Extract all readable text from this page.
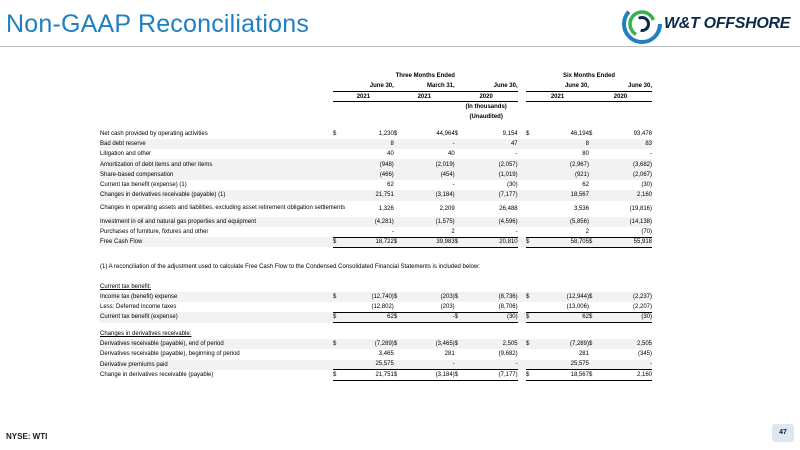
Non-GAAP Reconciliations	W&T OFFSHORE
	Three Months Ended							Six Months Ended			
	June 30,		March 31,		June 30,			June 30,		June 30,	
	2021		2021		2020			2021		2020	
					(In thousands)						
					(Unaudited)						

Net cash provided by operating activities	$	1,230	$	44,964	$	9,154		$	46,194	$	93,478
Bad debt reserve		8		-		47			8		83
Litigation and other		40		40		-			80		-
Amortization of debt items and other items		(948)		(2,019)		(2,057)			(2,967)		(3,682)
Share-based compensation		(466)		(454)		(1,019)			(921)		(2,067)
Current tax benefit (expense) (1)		62		-		(30)			62		(30)
Changes in derivatives receivable (payable) (1)		21,751		(3,184)		(7,177)			18,567		2,160
Changes in operating assets and liabilities, excluding asset retirement obligation settlements		1,326		2,209		26,488			3,536		(19,816)
Investment in oil and natural gas properties and equipment		(4,281)		(1,575)		(4,596)			(5,856)		(14,138)
Purchases of furniture, fixtures and other		-		2		-			2		(70)
Free Cash Flow	$	18,722	$	39,983	$	20,810		$	58,705	$	55,918

(1) A reconciliation of the adjustment used to calculate Free Cash Flow to the Condensed Consolidated Financial Statements is included below:											

Current tax benefit:											
Income tax (benefit) expense	$	(12,740)	$	(203)	$	(8,736)		$	(12,944)	$	(2,237)
Less: Deferred income taxes		(12,802)		(203)		(8,706)			(13,006)		(2,207)
Current tax benefit (expense)	$	62	$	-	$	(30)		$	62	$	(30)

Changes in derivatives receivable:											
Derivatives receivable (payable), end of period	$	(7,289)	$	(3,465)	$	2,505		$	(7,289)	$	2,505
Derivatives receivable (payable), beginning of period		3,465		281		(9,682)			281		(345)
Derivative premiums paid		25,575		-		-			25,575		-
Change in derivatives receivable (payable)	$	21,751	$	(3,184)	$	(7,177)		$	18,567	$	2,160
NYSE: WTI	47
